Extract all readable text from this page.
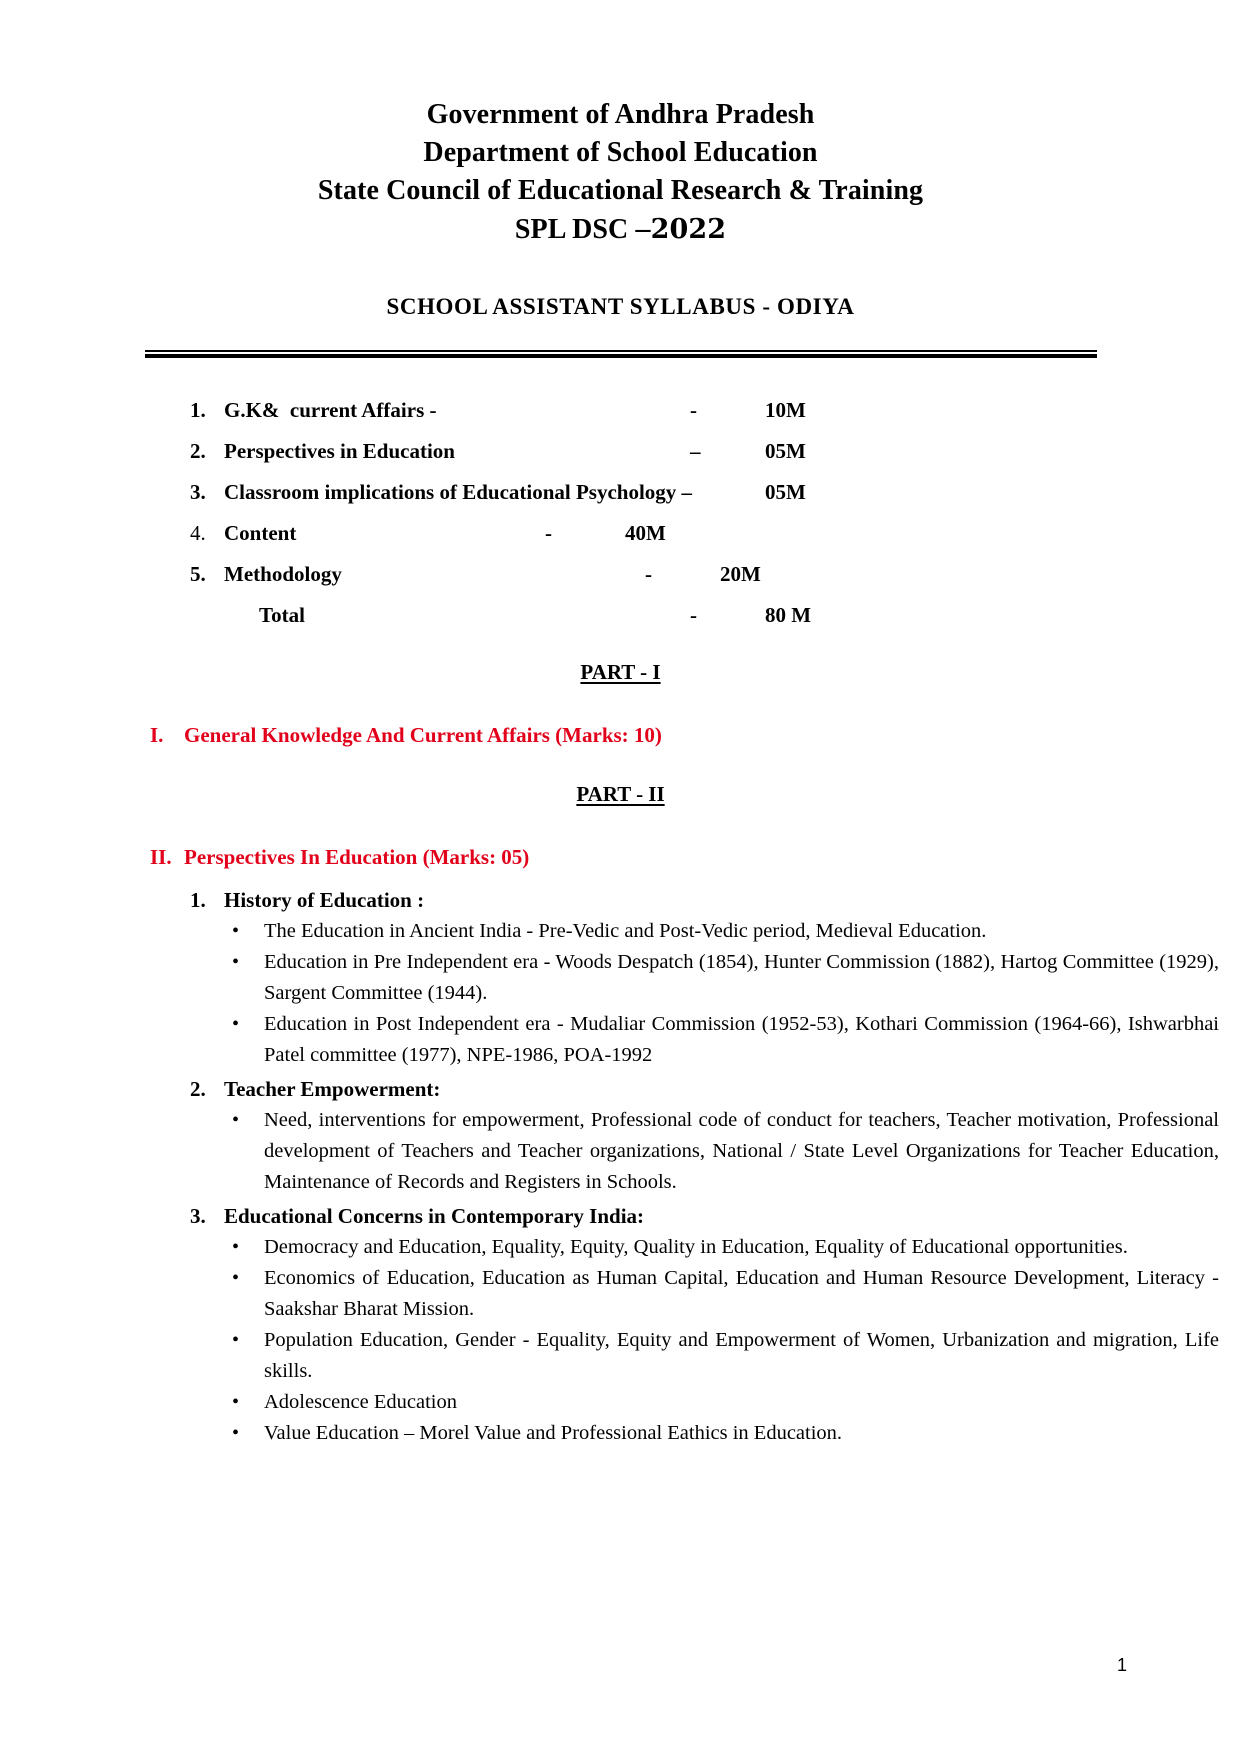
Government of Andhra Pradesh
Department of School Education
State Council of Educational Research & Training
SPL DSC –2022
SCHOOL ASSISTANT SYLLABUS - ODIYA
1. G.K&  current Affairs -	-	10M
2. Perspectives in Education	–	05M
3. Classroom implications of Educational Psychology –	05M
4. Content	-	40M
5. Methodology	-	20M
Total	-	80 M
PART - I
I. General Knowledge And Current Affairs (Marks: 10)
PART - II
II. Perspectives In Education (Marks: 05)
1. History of Education :
• The Education in Ancient India - Pre-Vedic and Post-Vedic period, Medieval Education.
• Education in Pre Independent era - Woods Despatch (1854), Hunter Commission (1882), Hartog Committee (1929), Sargent Committee (1944).
• Education in Post Independent era - Mudaliar Commission (1952-53), Kothari Commission (1964-66), Ishwarbhai Patel committee (1977), NPE-1986, POA-1992
2. Teacher Empowerment:
• Need, interventions for empowerment, Professional code of conduct for teachers, Teacher motivation, Professional development of Teachers and Teacher organizations, National / State Level Organizations for Teacher Education, Maintenance of Records and Registers in Schools.
3. Educational Concerns in Contemporary India:
• Democracy and Education, Equality, Equity, Quality in Education, Equality of Educational opportunities.
• Economics of Education, Education as Human Capital, Education and Human Resource Development, Literacy - Saakshar Bharat Mission.
• Population Education, Gender - Equality, Equity and Empowerment of Women, Urbanization and migration, Life skills.
• Adolescence Education
• Value Education – Morel Value and Professional Eathics in Education.
1
